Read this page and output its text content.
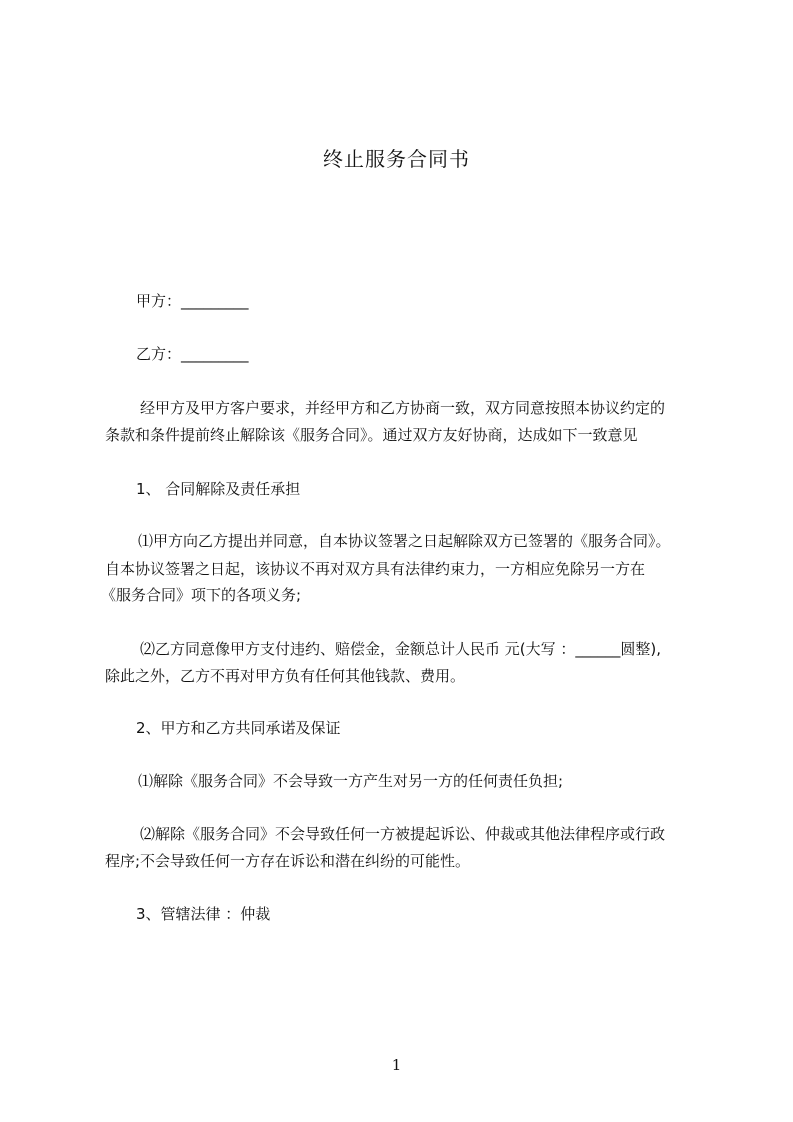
终止服务合同书
甲方：_________
乙方：_________
经甲方及甲方客户要求，并经甲方和乙方协商一致，双方同意按照本协议约定的
条款和条件提前终止解除该《服务合同》。通过双方友好协商，达成如下一致意见
1、 合同解除及责任承担
⑴甲方向乙方提出并同意，自本协议签署之日起解除双方已签署的《服务合同》。
自本协议签署之日起，该协议不再对双方具有法律约束力，一方相应免除另一方在
《服务合同》项下的各项义务;
⑵乙方同意像甲方支付违约、赔偿金，金额总计人民币 元(大写 ：______圆整),
除此之外，乙方不再对甲方负有任何其他钱款、费用。
2、甲方和乙方共同承诺及保证
⑴解除《服务合同》不会导致一方产生对另一方的任何责任负担;
⑵解除《服务合同》不会导致任何一方被提起诉讼、仲裁或其他法律程序或行政
程序;不会导致任何一方存在诉讼和潜在纠纷的可能性。
3、管辖法律 ：仲裁
1
